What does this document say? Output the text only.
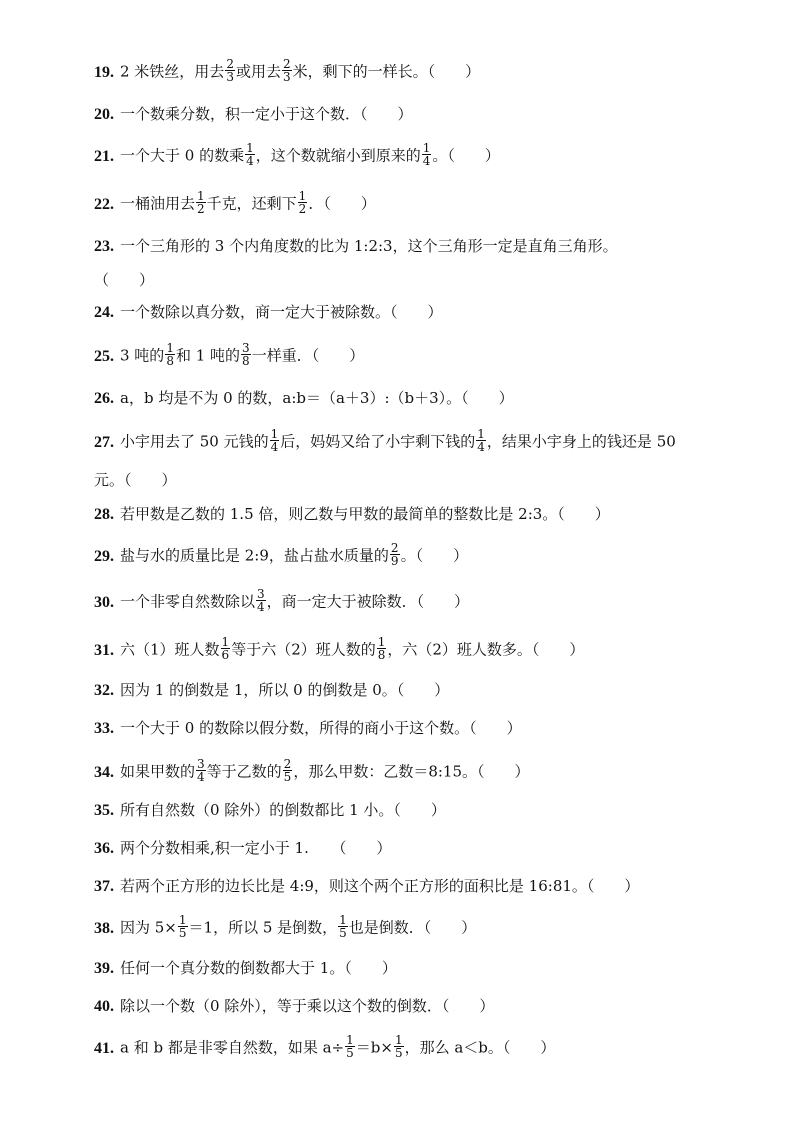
19. 2 米铁丝，用去 $\frac{2}{3}$ 或用去 $\frac{2}{3}$ 米，剩下的一样长。（　　）
20. 一个数乘分数，积一定小于这个数．（　　）
21. 一个大于 0 的数乘 $\frac{1}{4}$ ，这个数就缩小到原来的 $\frac{1}{4}$ 。（　　）
22. 一桶油用去 $\frac{1}{2}$ 千克，还剩下 $\frac{1}{2}$ ．（　　）
23. 一个三角形的 3 个内角度数的比为 1:2:3，这个三角形一定是直角三角形。
（　　）
24. 一个数除以真分数，商一定大于被除数。（　　）
25. 3 吨的 $\frac{1}{8}$ 和 1 吨的 $\frac{3}{8}$ 一样重．（　　）
26. a，b 均是不为 0 的数，a:b＝（a＋3）:（b＋3）。（　　）
27. 小宇用去了 50 元钱的 $\frac{1}{4}$ 后，妈妈又给了小宇剩下钱的 $\frac{1}{4}$ ，结果小宇身上的钱还是 50
元。（　　）
28. 若甲数是乙数的 1.5 倍，则乙数与甲数的最简单的整数比是 2:3。（　　）
29. 盐与水的质量比是 2:9，盐占盐水质量的 $\frac{2}{9}$ 。（　　）
30. 一个非零自然数除以 $\frac{3}{4}$ ，商一定大于被除数．（　　）
31. 六（1）班人数 $\frac{1}{6}$ 等于六（2）班人数的 $\frac{1}{8}$ ，六（2）班人数多。（　　）
32. 因为 1 的倒数是 1，所以 0 的倒数是 0。（　　）
33. 一个大于 0 的数除以假分数，所得的商小于这个数。（　　）
34. 如果甲数的 $\frac{3}{4}$ 等于乙数的 $\frac{2}{5}$ ，那么甲数：乙数＝8:15。（　　）
35. 所有自然数（0 除外）的倒数都比 1 小。（　　）
36. 两个分数相乘,积一定小于 1.　　（　　）
37. 若两个正方形的边长比是 4:9，则这个两个正方形的面积比是 16:81。（　　）
38. 因为 $5\times \frac{1}{5} =1$，所以 5 是倒数， $\frac{1}{5}$ 也是倒数．（　　）
39. 任何一个真分数的倒数都大于 1。（　　）
40. 除以一个数（0 除外），等于乘以这个数的倒数．（　　）
41. a 和 b 都是非零自然数，如果 $a\div \frac{1}{5} =b\times \frac{1}{5}$ ，那么 a＜b。（　　）
